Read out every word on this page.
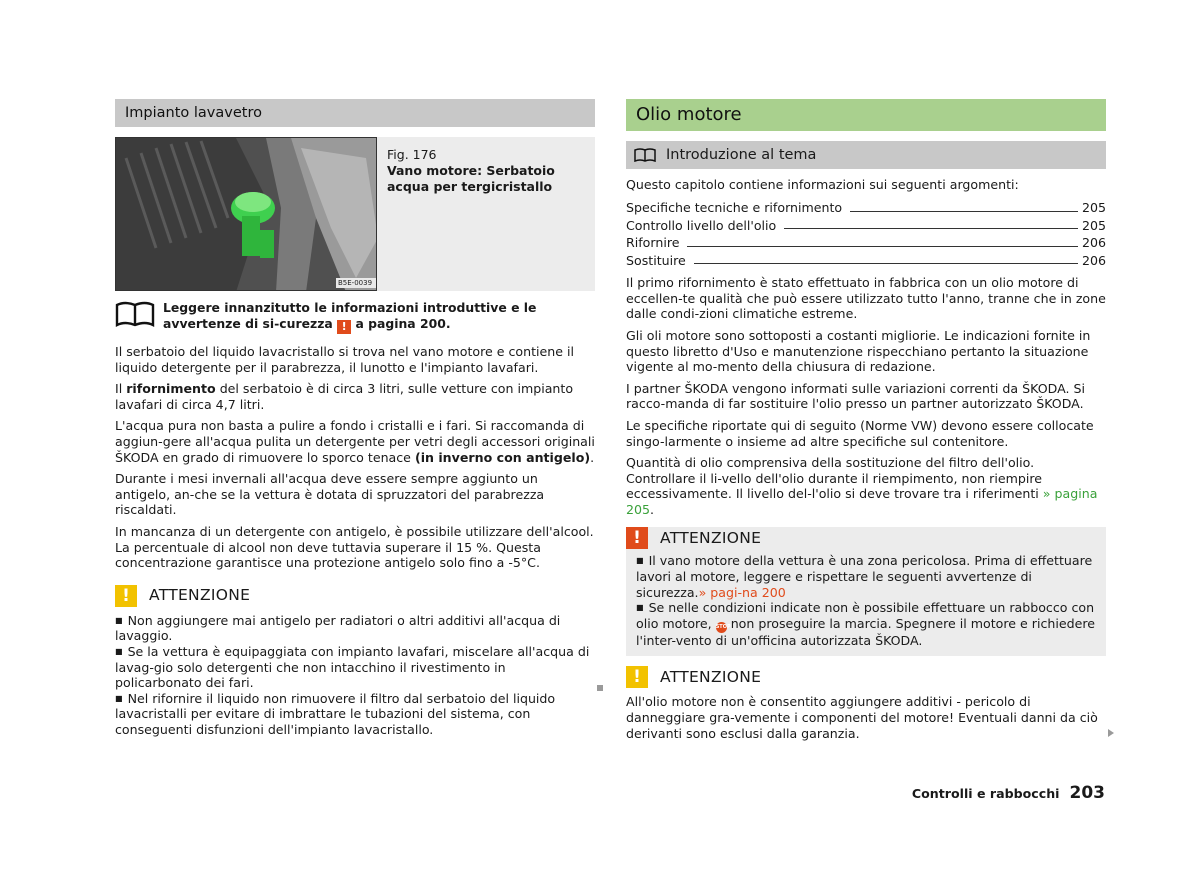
Impianto lavavetro
B5E-0039
Fig. 176
Vano motore: Serbatoio acqua per tergicristallo
Leggere innanzitutto le informazioni introduttive e le avvertenze di si-curezza ! a pagina 200.

Il serbatoio del liquido lavacristallo si trova nel vano motore e contiene il liquido detergente per il parabrezza, il lunotto e l'impianto lavafari.

Il rifornimento del serbatoio è di circa 3 litri, sulle vetture con impianto lavafari di circa 4,7 litri.

L'acqua pura non basta a pulire a fondo i cristalli e i fari. Si raccomanda di aggiun-gere all'acqua pulita un detergente per vetri degli accessori originali ŠKODA en grado di rimuovere lo sporco tenace (in inverno con antigelo).

Durante i mesi invernali all'acqua deve essere sempre aggiunto un antigelo, an-che se la vettura è dotata di spruzzatori del parabrezza riscaldati.

In mancanza di un detergente con antigelo, è possibile utilizzare dell'alcool. La percentuale di alcool non deve tuttavia superare il 15 %. Questa concentrazione garantisce una protezione antigelo solo fino a -5°C.

!	ATTENZIONE
■ Non aggiungere mai antigelo per radiatori o altri additivi all'acqua di lavaggio.
■ Se la vettura è equipaggiata con impianto lavafari, miscelare all'acqua di lavag-gio solo detergenti che non intacchino il rivestimento in policarbonato dei fari.
■ Nel rifornire il liquido non rimuovere il filtro dal serbatoio del liquido lavacristalli per evitare di imbrattare le tubazioni del sistema, con conseguenti disfunzioni dell'impianto lavacristallo.
Olio motore
Introduzione al tema

Questo capitolo contiene informazioni sui seguenti argomenti:

Specifiche tecniche e rifornimento	205
Controllo livello dell'olio	205
Rifornire	206
Sostituire	206

Il primo rifornimento è stato effettuato in fabbrica con un olio motore di eccellen-te qualità che può essere utilizzato tutto l'anno, tranne che in zone dalle condi-zioni climatiche estreme.

Gli oli motore sono sottoposti a costanti migliorie. Le indicazioni fornite in questo libretto d'Uso e manutenzione rispecchiano pertanto la situazione vigente al mo-mento della chiusura di redazione.

I partner ŠKODA vengono informati sulle variazioni correnti da ŠKODA. Si racco-manda di far sostituire l'olio presso un partner autorizzato ŠKODA.

Le specifiche riportate qui di seguito (Norme VW) devono essere collocate singo-larmente o insieme ad altre specifiche sul contenitore.

Quantità di olio comprensiva della sostituzione del filtro dell'olio. Controllare il li-vello dell'olio durante il riempimento, non riempire eccessivamente. Il livello del-l'olio si deve trovare tra i riferimenti » pagina 205.

!	ATTENZIONE
■ Il vano motore della vettura è una zona pericolosa. Prima di effettuare lavori al motore, leggere e rispettare le seguenti avvertenze di sicurezza.» pagi-na 200
■ Se nelle condizioni indicate non è possibile effettuare un rabbocco con olio motore, STOP non proseguire la marcia. Spegnere il motore e richiedere l'inter-vento di un'officina autorizzata ŠKODA.
!	ATTENZIONE
All'olio motore non è consentito aggiungere additivi - pericolo di danneggiare gra-vemente i componenti del motore! Eventuali danni da ciò derivanti sono esclusi dalla garanzia.
Controlli e rabbocchi 203
